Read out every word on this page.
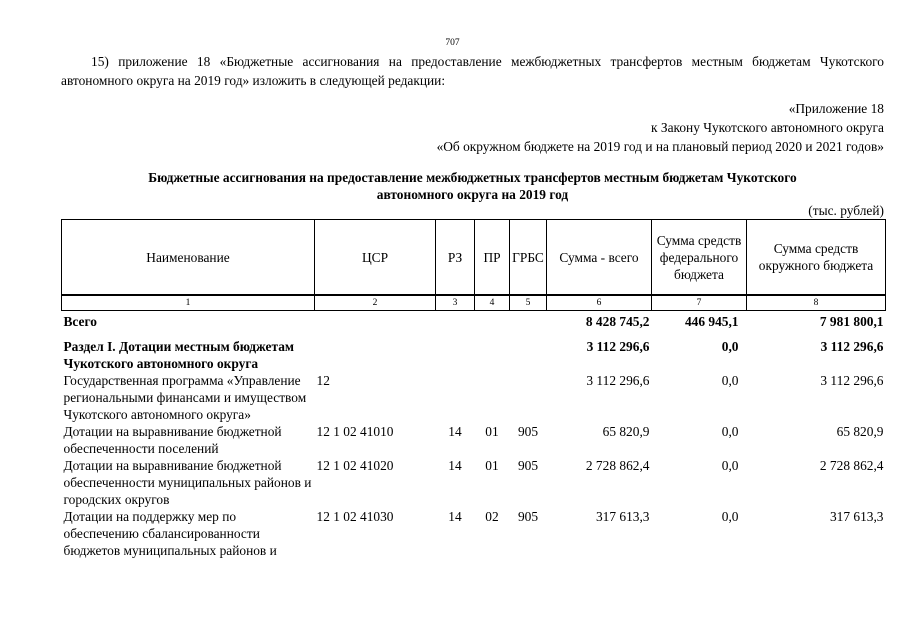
707

15) приложение 18 «Бюджетные ассигнования на предоставление межбюджетных трансфертов местным бюджетам Чукотского автономного округа на 2019 год» изложить в следующей редакции:

«Приложение 18
к Закону Чукотского автономного округа
«Об окружном бюджете на 2019 год и на плановый период 2020 и 2021 годов»
Бюджетные ассигнования на предоставление межбюджетных трансфертов местным бюджетам Чукотского
автономного округа на 2019 год
(тыс. рублей)
Наименование	ЦСР	РЗ	ПР	ГРБС	Сумма - всего	Сумма средств федерального бюджета	Сумма средств окружного бюджета
1	2	3	4	5	6	7	8
Всего					8 428 745,2	446 945,1	7 981 800,1
Раздел I. Дотации местным бюджетам Чукотского автономного округа					3 112 296,6	0,0	3 112 296,6
Государственная программа «Управление региональными финансами и имуществом Чукотского автономного округа»	12				3 112 296,6	0,0	3 112 296,6
Дотации на выравнивание бюджетной обеспеченности поселений	12 1 02 41010	14	01	905	65 820,9	0,0	65 820,9
Дотации на выравнивание бюджетной обеспеченности муниципальных районов и городских округов	12 1 02 41020	14	01	905	2 728 862,4	0,0	2 728 862,4
Дотации на поддержку мер по обеспечению сбалансированности бюджетов муниципальных районов и	12 1 02 41030	14	02	905	317 613,3	0,0	317 613,3
